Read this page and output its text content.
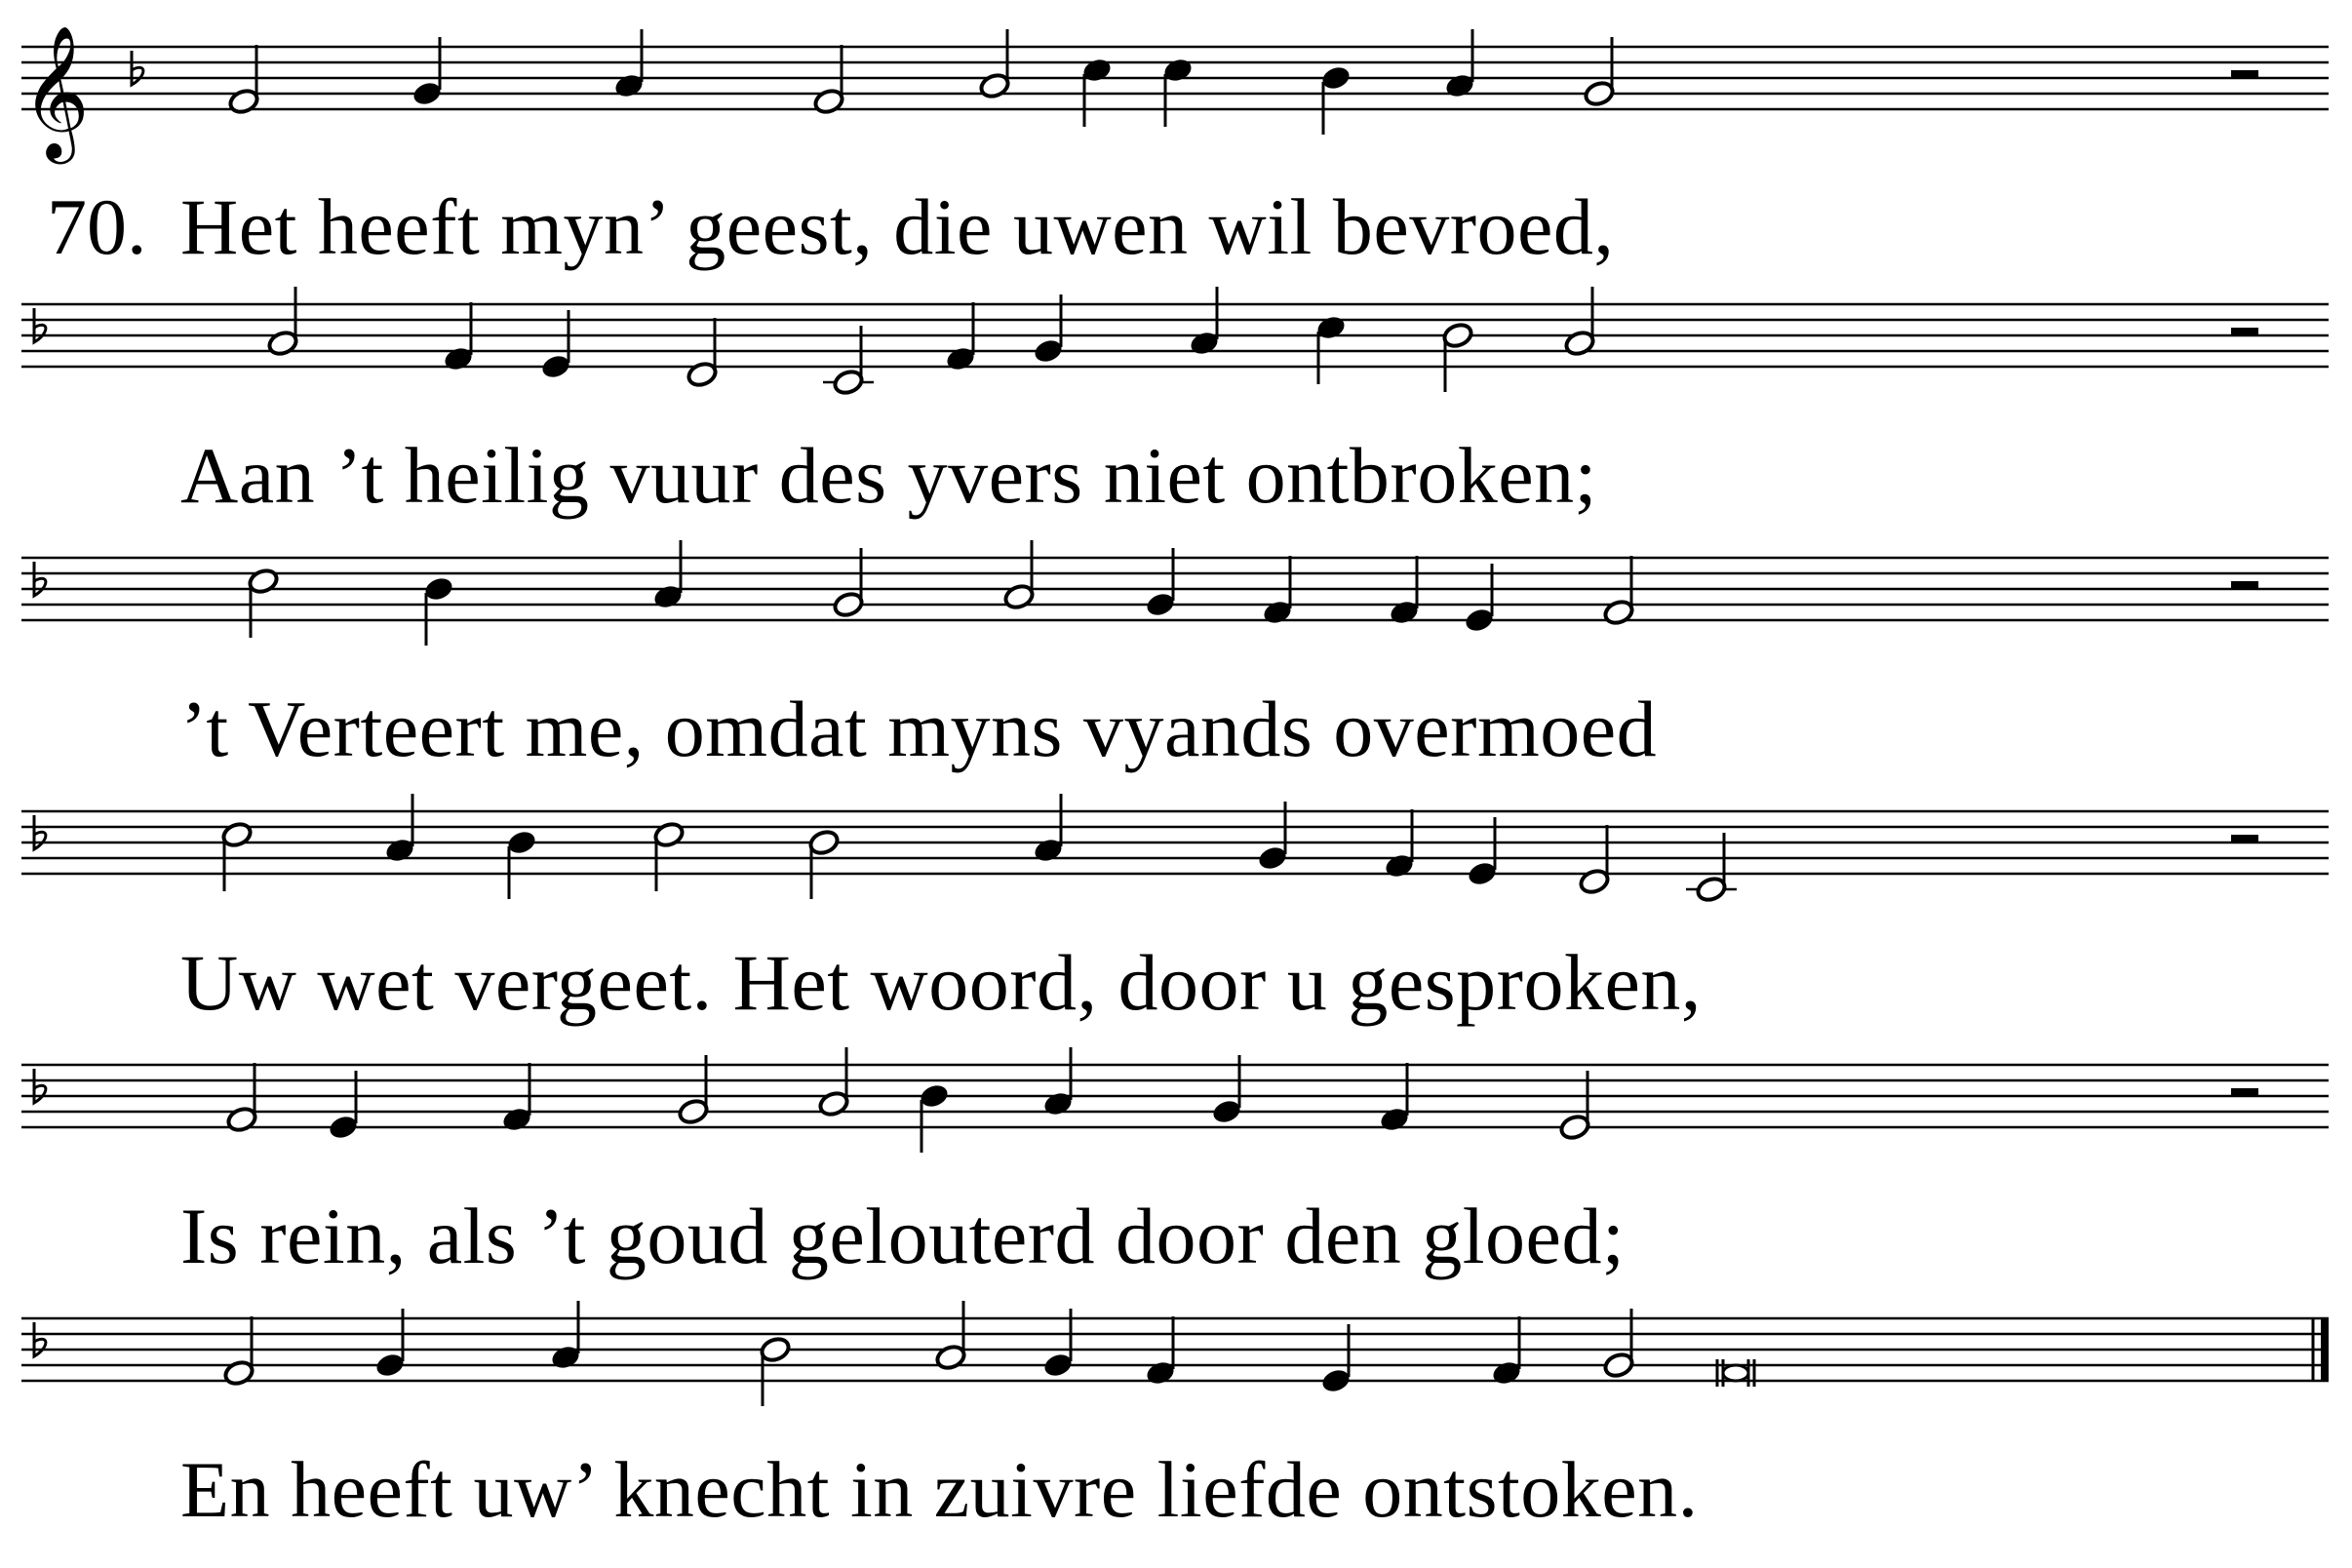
𝄞
70. Het heeft myn’ geest, die uwen wil bevroed,
Aan ’t heilig vuur des yvers niet ontbroken;
’t Verteert me, omdat myns vyands overmoed
Uw wet vergeet. Het woord, door u gesproken,
Is rein, als ’t goud gelouterd door den gloed;
En heeft uw’ knecht in zuivre liefde ontstoken.
